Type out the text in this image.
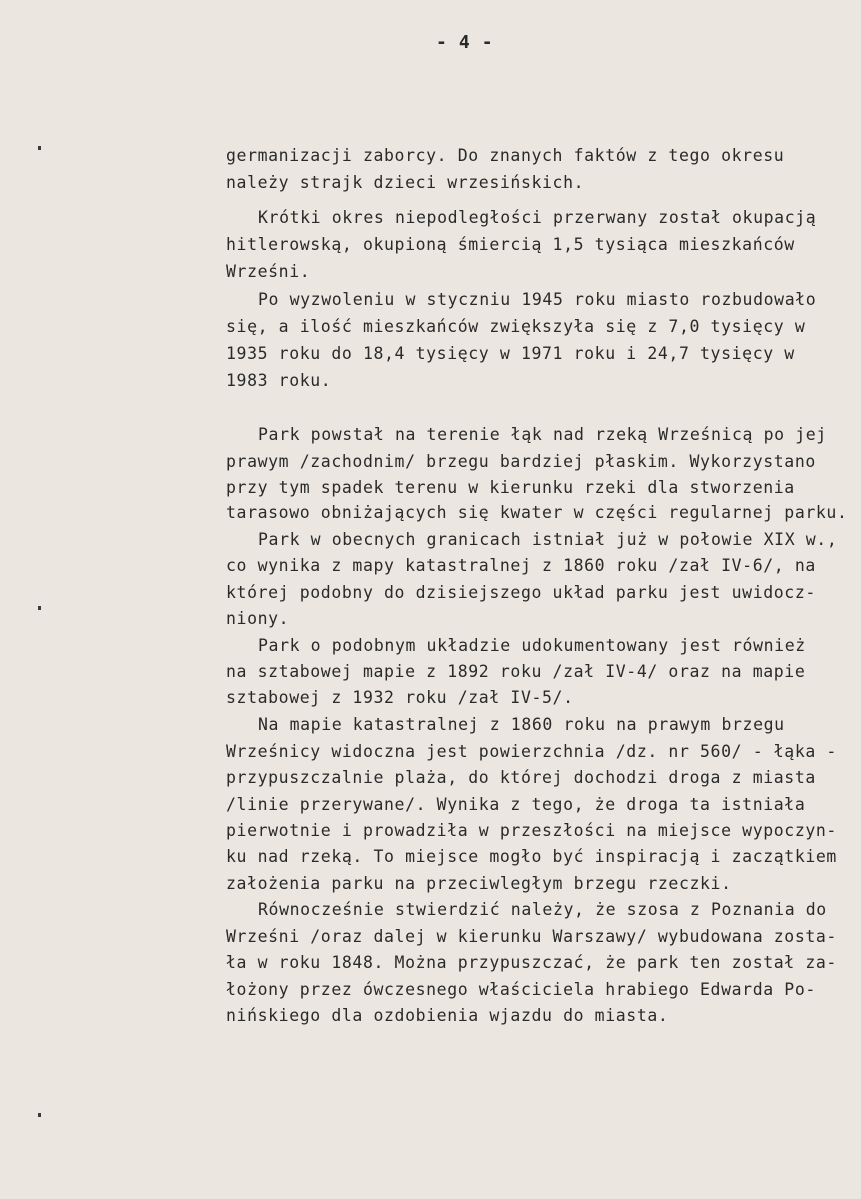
- 4 -
germanizacji zaborcy. Do znanych faktów z tego okresu
należy strajk dzieci wrzesińskich.
Krótki okres niepodległości przerwany został okupacją
hitlerowską, okupioną śmiercią 1,5 tysiąca mieszkańców
Wrześni.
Po wyzwoleniu w styczniu 1945 roku miasto rozbudowało
się, a ilość mieszkańców zwiększyła się z 7,0 tysięcy w
1935 roku do 18,4 tysięcy w 1971 roku i 24,7 tysięcy w
1983 roku.
Park powstał na terenie łąk nad rzeką Wrześnicą po jej
prawym /zachodnim/ brzegu bardziej płaskim. Wykorzystano
przy tym spadek terenu w kierunku rzeki dla stworzenia
tarasowo obniżających się kwater w części regularnej parku.
Park w obecnych granicach istniał już w połowie XIX w.,
co wynika z mapy katastralnej z 1860 roku /zał IV-6/, na
której podobny do dzisiejszego układ parku jest uwidocz-
niony.
Park o podobnym układzie udokumentowany jest również
na sztabowej mapie z 1892 roku /zał IV-4/ oraz na mapie
sztabowej z 1932 roku /zał IV-5/.
Na mapie katastralnej z 1860 roku na prawym brzegu
Wrześnicy widoczna jest powierzchnia /dz. nr 560/ - łąka -
przypuszczalnie plaża, do której dochodzi droga z miasta
/linie przerywane/. Wynika z tego, że droga ta istniała
pierwotnie i prowadziła w przeszłości na miejsce wypoczyn-
ku nad rzeką. To miejsce mogło być inspiracją i zaczątkiem
założenia parku na przeciwległym brzegu rzeczki.
Równocześnie stwierdzić należy, że szosa z Poznania do
Wrześni /oraz dalej w kierunku Warszawy/ wybudowana zosta-
ła w roku 1848. Można przypuszczać, że park ten został za-
łożony przez ówczesnego właściciela hrabiego Edwarda Po-
nińskiego dla ozdobienia wjazdu do miasta.
